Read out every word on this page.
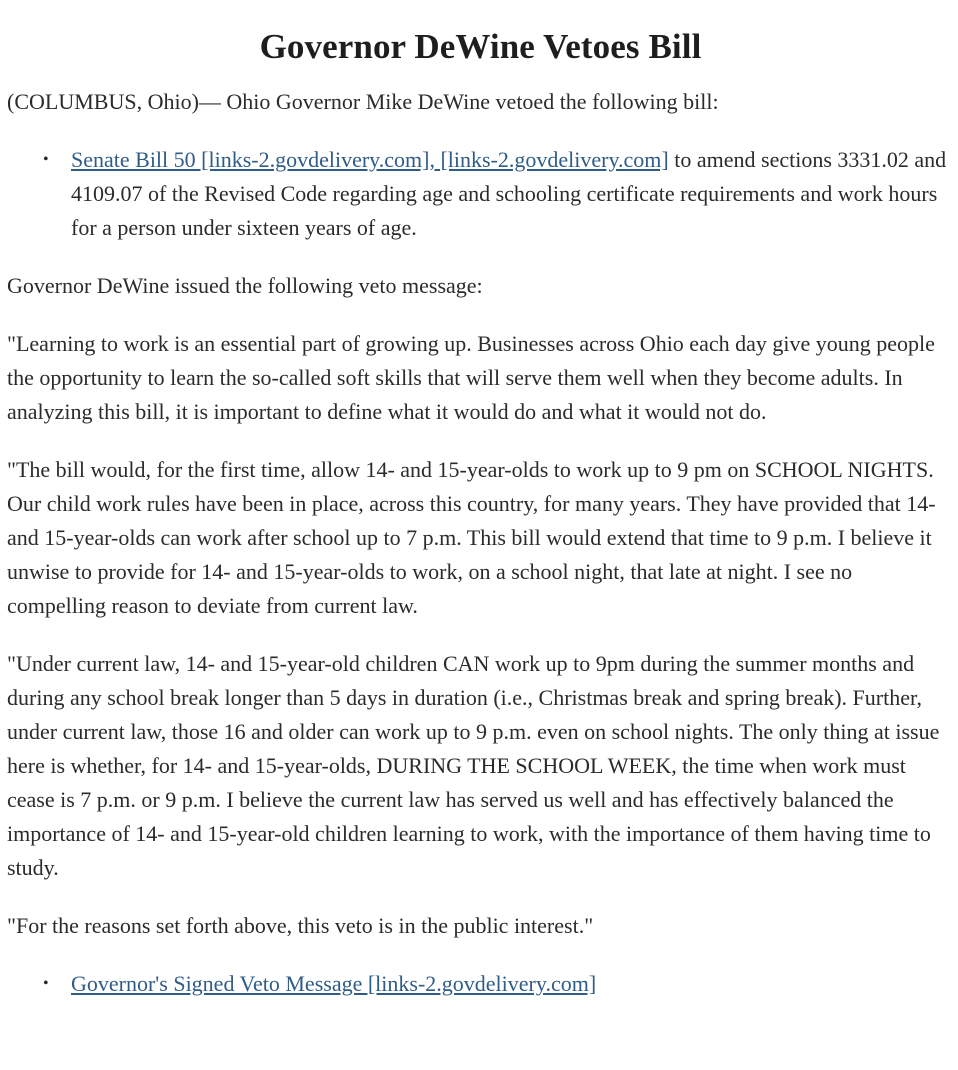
Governor DeWine Vetoes Bill

(COLUMBUS, Ohio)— Ohio Governor Mike DeWine vetoed the following bill:

• Senate Bill 50 [links-2.govdelivery.com], [links-2.govdelivery.com] to amend sections 3331.02 and 4109.07 of the Revised Code regarding age and schooling certificate requirements and work hours for a person under sixteen years of age.

Governor DeWine issued the following veto message:

"Learning to work is an essential part of growing up. Businesses across Ohio each day give young people the opportunity to learn the so-called soft skills that will serve them well when they become adults. In analyzing this bill, it is important to define what it would do and what it would not do.

"The bill would, for the first time, allow 14- and 15-year-olds to work up to 9 pm on SCHOOL NIGHTS. Our child work rules have been in place, across this country, for many years. They have provided that 14- and 15-year-olds can work after school up to 7 p.m. This bill would extend that time to 9 p.m. I believe it unwise to provide for 14- and 15-year-olds to work, on a school night, that late at night. I see no compelling reason to deviate from current law.

"Under current law, 14- and 15-year-old children CAN work up to 9pm during the summer months and during any school break longer than 5 days in duration (i.e., Christmas break and spring break). Further, under current law, those 16 and older can work up to 9 p.m. even on school nights. The only thing at issue here is whether, for 14- and 15-year-olds, DURING THE SCHOOL WEEK, the time when work must cease is 7 p.m. or 9 p.m. I believe the current law has served us well and has effectively balanced the importance of 14- and 15-year-old children learning to work, with the importance of them having time to study.

"For the reasons set forth above, this veto is in the public interest."

• Governor's Signed Veto Message [links-2.govdelivery.com]
